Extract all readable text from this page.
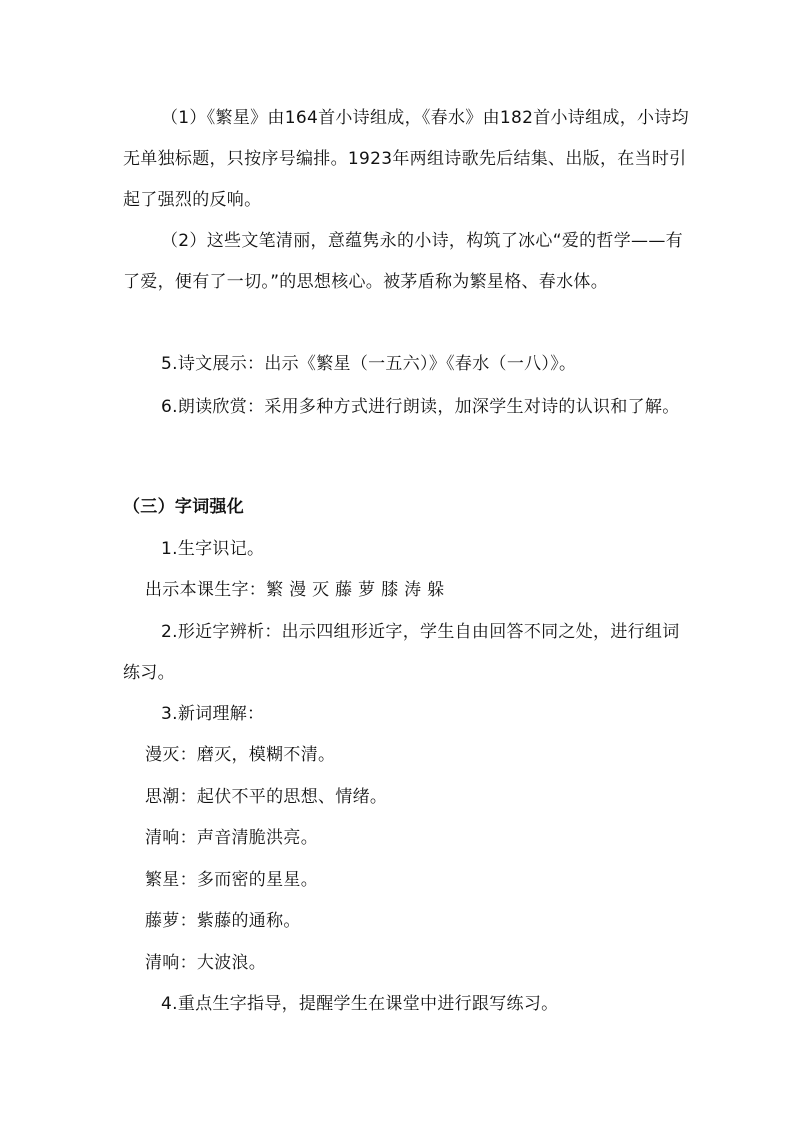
（1）《繁星》由164首小诗组成，《春水》由182首小诗组成，小诗均无单独标题，只按序号编排。1923年两组诗歌先后结集、出版，在当时引起了强烈的反响。

（2）这些文笔清丽，意蕴隽永的小诗，构筑了冰心“爱的哲学——有了爱，便有了一切。”的思想核心。被茅盾称为繁星格、春水体。

5.诗文展示：出示《繁星（一五六）》《春水（一八）》。

6.朗读欣赏：采用多种方式进行朗读，加深学生对诗的认识和了解。

（三）字词强化

1.生字识记。

出示本课生字：繁 漫 灭 藤 萝 膝 涛 躲

2.形近字辨析：出示四组形近字，学生自由回答不同之处，进行组词练习。

3.新词理解：

漫灭：磨灭，模糊不清。

思潮：起伏不平的思想、情绪。

清响：声音清脆洪亮。

繁星：多而密的星星。

藤萝：紫藤的通称。

清响：大波浪。

4.重点生字指导，提醒学生在课堂中进行跟写练习。
